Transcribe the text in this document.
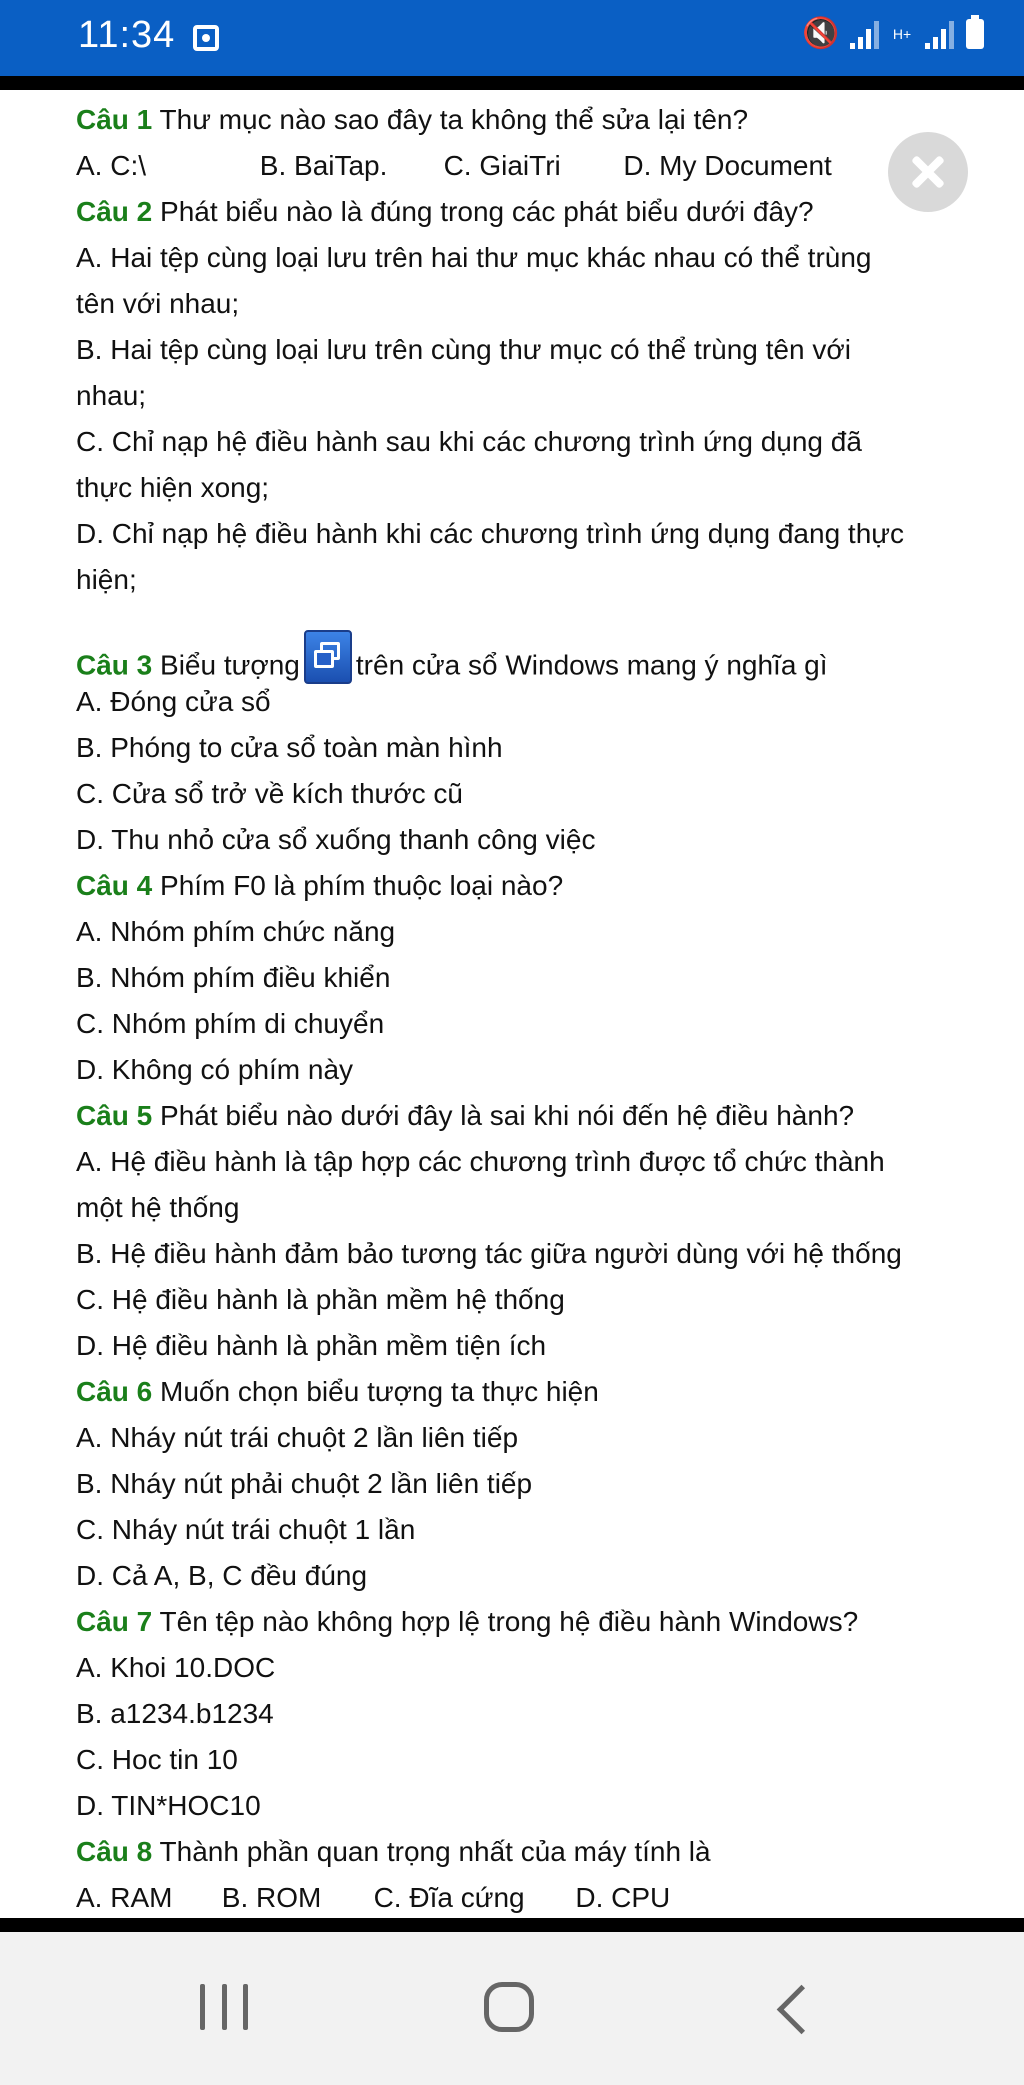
11:34
🔇	H+
Câu 1 Thư mục nào sao đây ta không thể sửa lại tên?
A. C:\	B. BaiTap. C. GiaiTri D. My Document
Câu 2 Phát biểu nào là đúng trong các phát biểu dưới đây?
A. Hai tệp cùng loại lưu trên hai thư mục khác nhau có thể trùng
tên với nhau;
B. Hai tệp cùng loại lưu trên cùng thư mục có thể trùng tên với
nhau;
C. Chỉ nạp hệ điều hành sau khi các chương trình ứng dụng đã
thực hiện xong;
D. Chỉ nạp hệ điều hành khi các chương trình ứng dụng đang thực
hiện;
Câu 3 Biểu tượng trên cửa sổ Windows mang ý nghĩa gì
A. Đóng cửa sổ
B. Phóng to cửa sổ toàn màn hình
C. Cửa sổ trở về kích thước cũ
D. Thu nhỏ cửa sổ xuống thanh công việc
Câu 4 Phím F0 là phím thuộc loại nào?
A. Nhóm phím chức năng
B. Nhóm phím điều khiển
C. Nhóm phím di chuyển
D. Không có phím này
Câu 5 Phát biểu nào dưới đây là sai khi nói đến hệ điều hành?
A. Hệ điều hành là tập hợp các chương trình được tổ chức thành
một hệ thống
B. Hệ điều hành đảm bảo tương tác giữa người dùng với hệ thống
C. Hệ điều hành là phần mềm hệ thống
D. Hệ điều hành là phần mềm tiện ích
Câu 6 Muốn chọn biểu tượng ta thực hiện
A. Nháy nút trái chuột 2 lần liên tiếp
B. Nháy nút phải chuột 2 lần liên tiếp
C. Nháy nút trái chuột 1 lần
D. Cả A, B, C đều đúng
Câu 7 Tên tệp nào không hợp lệ trong hệ điều hành Windows?
A. Khoi 10.DOC
B. a1234.b1234
C. Hoc tin 10
D. TIN*HOC10
Câu 8 Thành phần quan trọng nhất của máy tính là
A. RAM B. ROM C. Đĩa cứng D. CPU
